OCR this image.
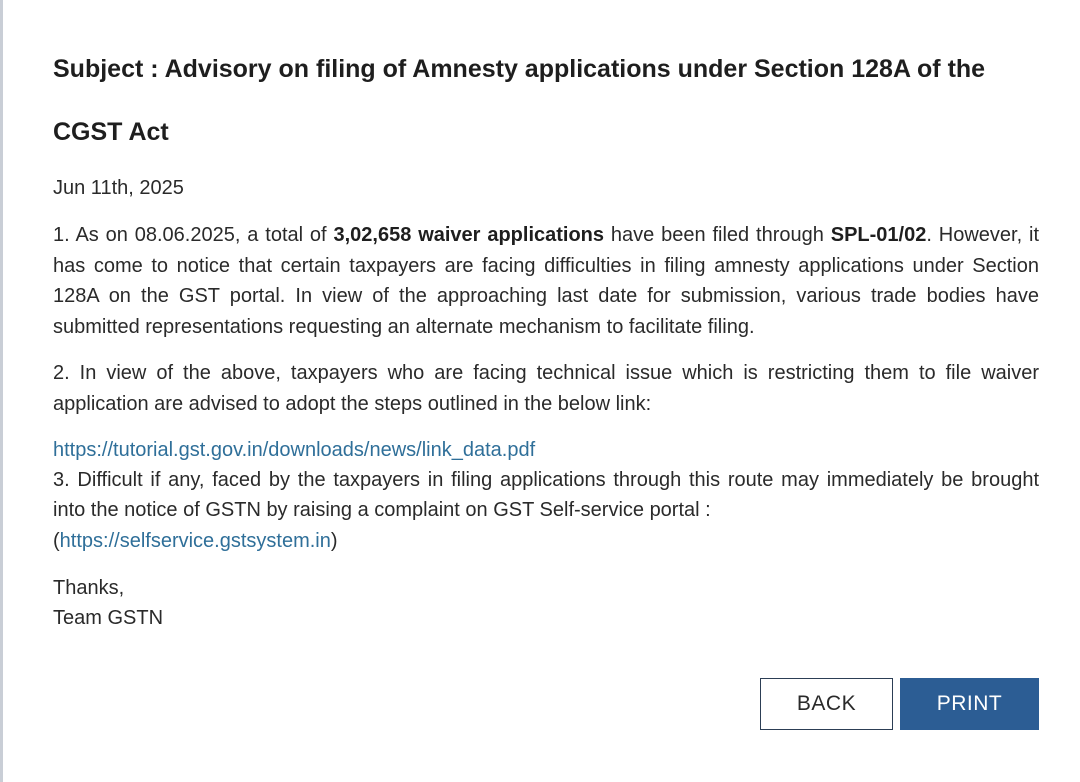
Subject : Advisory on filing of Amnesty applications under Section 128A of the CGST Act
Jun 11th, 2025
1. As on 08.06.2025, a total of 3,02,658 waiver applications have been filed through SPL-01/02. However, it has come to notice that certain taxpayers are facing difficulties in filing amnesty applications under Section 128A on the GST portal. In view of the approaching last date for submission, various trade bodies have submitted representations requesting an alternate mechanism to facilitate filing.
2. In view of the above, taxpayers who are facing technical issue which is restricting them to file waiver application are advised to adopt the steps outlined in the below link:
https://tutorial.gst.gov.in/downloads/news/link_data.pdf
3. Difficult if any, faced by the taxpayers in filing applications through this route may immediately be brought into the notice of GSTN by raising a complaint on GST Self-service portal :
(https://selfservice.gstsystem.in)
Thanks,
Team GSTN
BACK	PRINT
